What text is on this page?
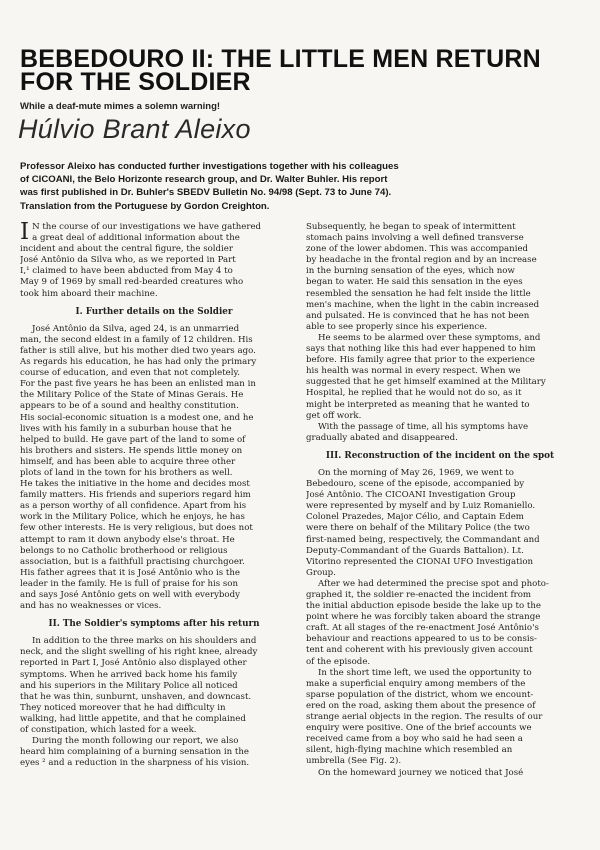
BEBEDOURO II: THE LITTLE MEN RETURN
FOR THE SOLDIER
While a deaf-mute mimes a solemn warning!
Húlvio Brant Aleixo
Professor Aleixo has conducted further investigations together with his colleagues
of CICOANI, the Belo Horizonte research group, and Dr. Walter Buhler. His report
was first published in Dr. Buhler's SBEDV Bulletin No. 94/98 (Sept. 73 to June 74).
Translation from the Portuguese by Gordon Creighton.
I N the course of our investigations we have gathered
a great deal of additional information about the
incident and about the central figure, the soldier
José Antônio da Silva who, as we reported in Part
I,¹ claimed to have been abducted from May 4 to
May 9 of 1969 by small red-bearded creatures who
took him aboard their machine.
I. Further details on the Soldier
José Antônio da Silva, aged 24, is an unmarried
man, the second eldest in a family of 12 children. His
father is still alive, but his mother died two years ago.
As regards his education, he has had only the primary
course of education, and even that not completely.
For the past five years he has been an enlisted man in
the Military Police of the State of Minas Gerais. He
appears to be of a sound and healthy constitution.
His social-economic situation is a modest one, and he
lives with his family in a suburban house that he
helped to build. He gave part of the land to some of
his brothers and sisters. He spends little money on
himself, and has been able to acquire three other
plots of land in the town for his brothers as well.
He takes the initiative in the home and decides most
family matters. His friends and superiors regard him
as a person worthy of all confidence. Apart from his
work in the Military Police, which he enjoys, he has
few other interests. He is very religious, but does not
attempt to ram it down anybody else's throat. He
belongs to no Catholic brotherhood or religious
association, but is a faithfull practising churchgoer.
His father agrees that it is José Antônio who is the
leader in the family. He is full of praise for his son
and says José Antônio gets on well with everybody
and has no weaknesses or vices.
II. The Soldier's symptoms after his return
In addition to the three marks on his shoulders and
neck, and the slight swelling of his right knee, already
reported in Part I, José Antônio also displayed other
symptoms. When he arrived back home his family
and his superiors in the Military Police all noticed
that he was thin, sunburnt, unshaven, and downcast.
They noticed moreover that he had difficulty in
walking, had little appetite, and that he complained
of constipation, which lasted for a week.
During the month following our report, we also
heard him complaining of a burning sensation in the
eyes ² and a reduction in the sharpness of his vision.
Subsequently, he began to speak of intermittent
stomach pains involving a well defined transverse
zone of the lower abdomen. This was accompanied
by headache in the frontal region and by an increase
in the burning sensation of the eyes, which now
began to water. He said this sensation in the eyes
resembled the sensation he had felt inside the little
men's machine, when the light in the cabin increased
and pulsated. He is convinced that he has not been
able to see properly since his experience.
He seems to be alarmed over these symptoms, and
says that nothing like this had ever happened to him
before. His family agree that prior to the experience
his health was normal in every respect. When we
suggested that he get himself examined at the Military
Hospital, he replied that he would not do so, as it
might be interpreted as meaning that he wanted to
get off work.
With the passage of time, all his symptoms have
gradually abated and disappeared.
III. Reconstruction of the incident on the spot
On the morning of May 26, 1969, we went to
Bebedouro, scene of the episode, accompanied by
José Antônio. The CICOANI Investigation Group
were represented by myself and by Luiz Romaniello.
Colonel Prazedes, Major Célio, and Captain Edem
were there on behalf of the Military Police (the two
first-named being, respectively, the Commandant and
Deputy-Commandant of the Guards Battalion). Lt.
Vitorino represented the CIONAI UFO Investigation
Group.
After we had determined the precise spot and photo-
graphed it, the soldier re-enacted the incident from
the initial abduction episode beside the lake up to the
point where he was forcibly taken aboard the strange
craft. At all stages of the re-enactment José Antônio's
behaviour and reactions appeared to us to be consis-
tent and coherent with his previously given account
of the episode.
In the short time left, we used the opportunity to
make a superficial enquiry among members of the
sparse population of the district, whom we encount-
ered on the road, asking them about the presence of
strange aerial objects in the region. The results of our
enquiry were positive. One of the brief accounts we
received came from a boy who said he had seen a
silent, high-flying machine which resembled an
umbrella (See Fig. 2).
On the homeward journey we noticed that José
